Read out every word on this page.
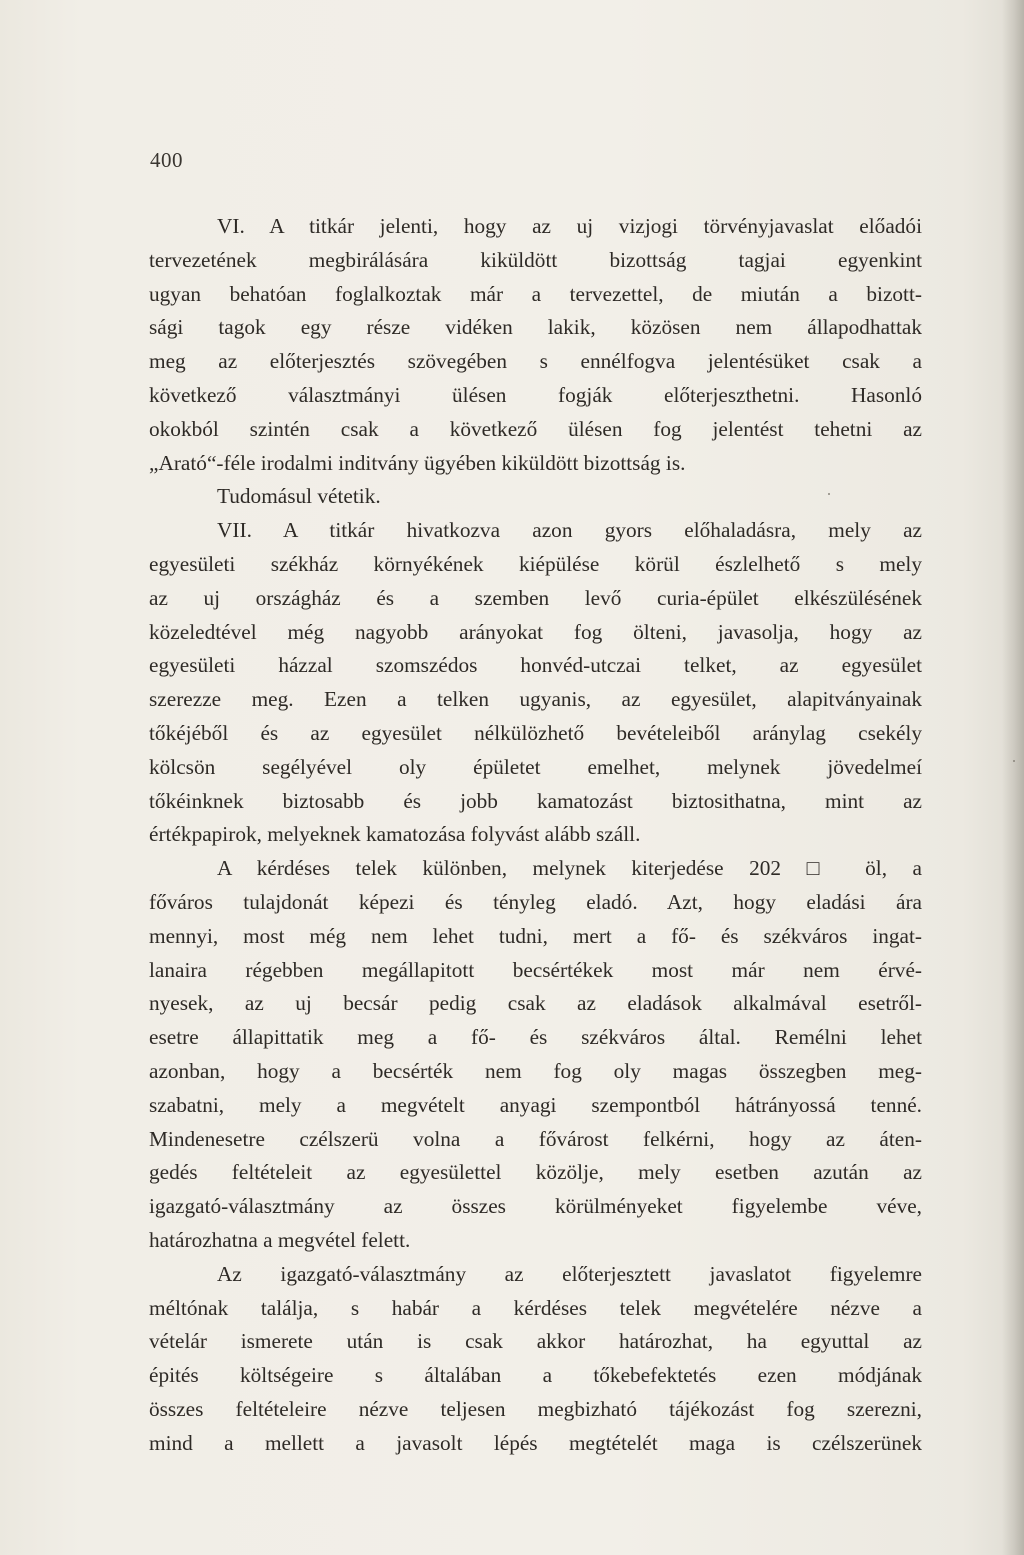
400
VI. A titkár jelenti, hogy az uj vizjogi törvényjavaslat előadói
tervezetének megbirálására kiküldött bizottság tagjai egyenkint
ugyan behatóan foglalkoztak már a tervezettel, de miután a bizott-
sági tagok egy része vidéken lakik, közösen nem állapodhattak
meg az előterjesztés szövegében s ennélfogva jelentésüket csak a
következő választmányi ülésen fogják előterjeszthetni. Hasonló
okokból szintén csak a következő ülésen fog jelentést tehetni az
„Arató“-féle irodalmi inditvány ügyében kiküldött bizottság is.
Tudomásul vétetik.
VII. A titkár hivatkozva azon gyors előhaladásra, mely az
egyesületi székház környékének kiépülése körül észlelhető s mely
az uj országház és a szemben levő curia-épület elkészülésének
közeledtével még nagyobb arányokat fog ölteni, javasolja, hogy az
egyesületi házzal szomszédos honvéd-utczai telket, az egyesület
szerezze meg. Ezen a telken ugyanis, az egyesület, alapitványainak
tőkéjéből és az egyesület nélkülözhető bevételeiből aránylag csekély
kölcsön segélyével oly épületet emelhet, melynek jövedelmeí
tőkéinknek biztosabb és jobb kamatozást biztosithatna, mint az
értékpapirok, melyeknek kamatozása folyvást alább száll.
A kérdéses telek különben, melynek kiterjedése 202 □ öl, a
főváros tulajdonát képezi és tényleg eladó. Azt, hogy eladási ára
mennyi, most még nem lehet tudni, mert a fő- és székváros ingat-
lanaira régebben megállapitott becsértékek most már nem érvé-
nyesek, az uj becsár pedig csak az eladások alkalmával esetről-
esetre állapittatik meg a fő- és székváros által. Remélni lehet
azonban, hogy a becsérték nem fog oly magas összegben meg-
szabatni, mely a megvételt anyagi szempontból hátrányossá tenné.
Mindenesetre czélszerü volna a fővárost felkérni, hogy az áten-
gedés feltételeit az egyesülettel közölje, mely esetben azután az
igazgató-választmány az összes körülményeket figyelembe véve,
határozhatna a megvétel felett.
Az igazgató-választmány az előterjesztett javaslatot figyelemre
méltónak találja, s habár a kérdéses telek megvételére nézve a
vételár ismerete után is csak akkor határozhat, ha egyuttal az
épités költségeire s általában a tőkebefektetés ezen módjának
összes feltételeire nézve teljesen megbizható tájékozást fog szerezni,
mind a mellett a javasolt lépés megtételét maga is czélszerünek
